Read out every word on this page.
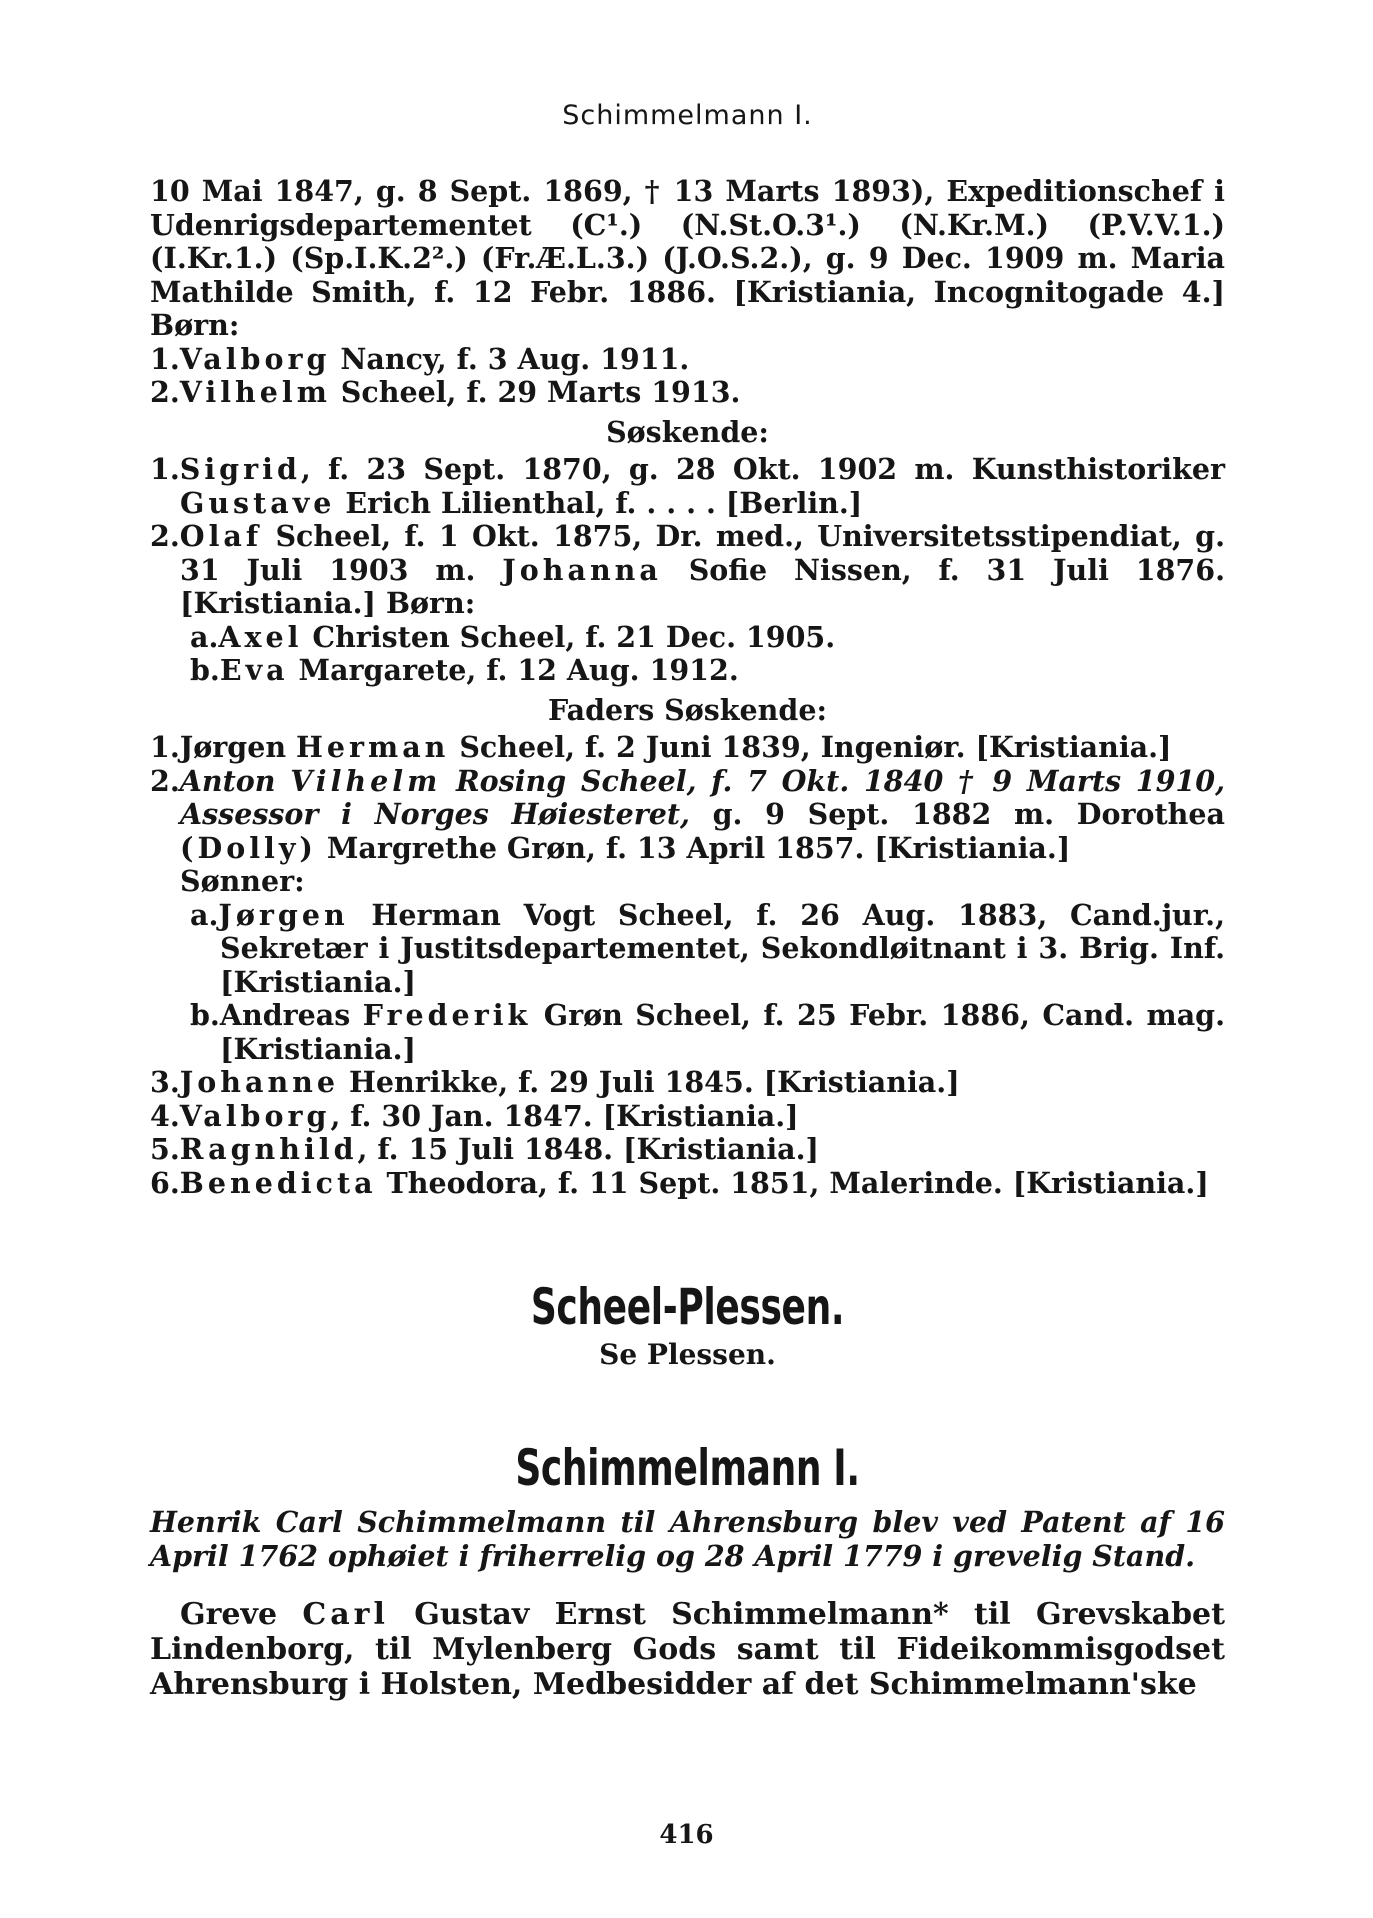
Schimmelmann I.

10 Mai 1847, g. 8 Sept. 1869, † 13 Marts 1893), Expeditionschef i Udenrigsdepartementet (C¹.) (N.St.O.3¹.) (N.Kr.M.) (P.V.V.1.) (I.Kr.1.) (Sp.I.K.2².) (Fr.Æ.L.3.) (J.O.S.2.), g. 9 Dec. 1909 m. Maria Mathilde Smith, f. 12 Febr. 1886. [Kristiania, Incognitogade 4.] Børn:

1.Valborg Nancy, f. 3 Aug. 1911.

2.Vilhelm Scheel, f. 29 Marts 1913.

Søskende:

1.Sigrid, f. 23 Sept. 1870, g. 28 Okt. 1902 m. Kunsthistoriker Gustave Erich Lilienthal, f. . . . . [Berlin.]

2.Olaf Scheel, f. 1 Okt. 1875, Dr. med., Universitetsstipendiat, g. 31 Juli 1903 m. Johanna Sofie Nissen, f. 31 Juli 1876. [Kristiania.] Børn:

a.Axel Christen Scheel, f. 21 Dec. 1905.

b.Eva Margarete, f. 12 Aug. 1912.

Faders Søskende:

1.Jørgen Herman Scheel, f. 2 Juni 1839, Ingeniør. [Kristiania.]

2.Anton Vilhelm Rosing Scheel, f. 7 Okt. 1840 † 9 Marts 1910, Assessor i Norges Høiesteret, g. 9 Sept. 1882 m. Dorothea (Dolly) Margrethe Grøn, f. 13 April 1857. [Kristiania.]

Sønner:

a.Jørgen Herman Vogt Scheel, f. 26 Aug. 1883, Cand.jur., Sekretær i Justitsdepartementet, Sekondløitnant i 3. Brig. Inf. [Kristiania.]

b.Andreas Frederik Grøn Scheel, f. 25 Febr. 1886, Cand. mag. [Kristiania.]

3.Johanne Henrikke, f. 29 Juli 1845. [Kristiania.]

4.Valborg, f. 30 Jan. 1847. [Kristiania.]

5.Ragnhild, f. 15 Juli 1848. [Kristiania.]

6.Benedicta Theodora, f. 11 Sept. 1851, Malerinde. [Kristiania.]

Scheel-Plessen.
Se Plessen.
Schimmelmann I.
Henrik Carl Schimmelmann til Ahrensburg blev ved Patent af 16 April 1762 ophøiet i friherrelig og 28 April 1779 i grevelig Stand.
Greve Carl Gustav Ernst Schimmelmann* til Grevskabet Lindenborg, til Mylenberg Gods samt til Fideikommisgodset Ahrensburg i Holsten, Medbesidder af det Schimmelmann'ske
416
